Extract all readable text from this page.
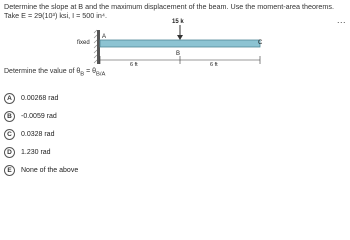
Determine the slope at B and the maximum displacement of the beam. Use the moment-area theorems. Take E = 29(10³) ksi, I = 500 in⁴.	...
fixed
A
B
C
15 k
6 ft	6 ft
Determine the value of $\theta_B = \theta_{B/A}$
A	0.00268 rad
B	-0.0059 rad
C	0.0328 rad
D	1.230 rad
E	None of the above
